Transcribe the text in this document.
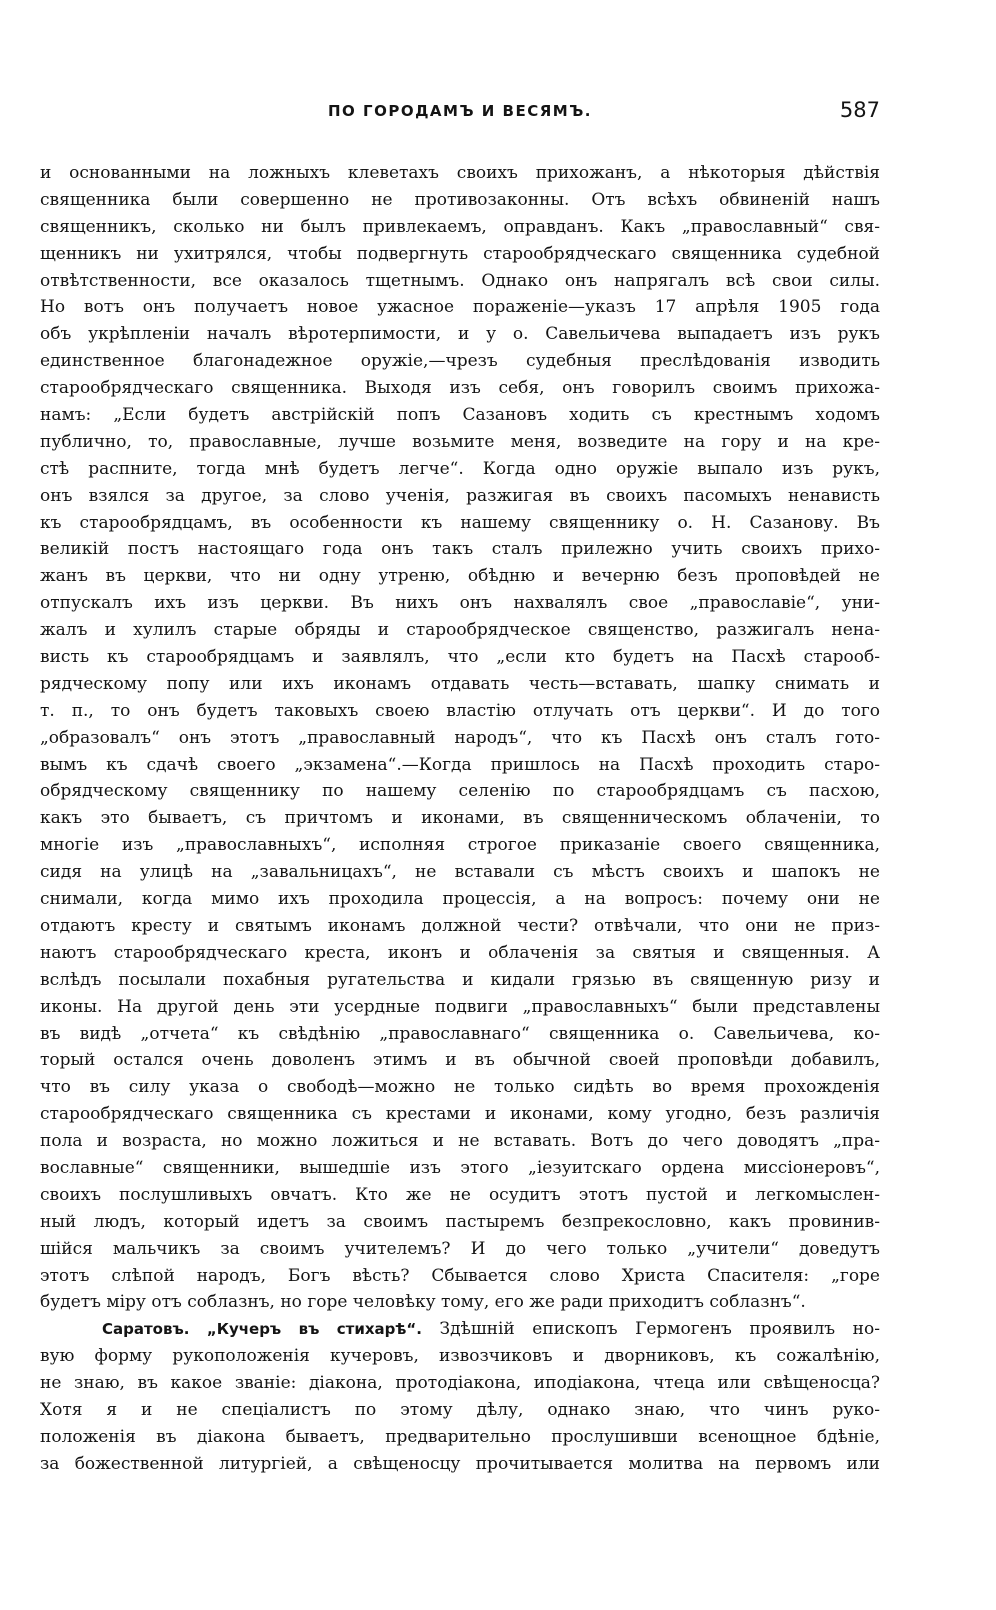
ПО ГОРОДАМЪ И ВЕСЯМЪ.	587
и основанными на ложныхъ клеветахъ своихъ прихожанъ, а нѣкоторыя дѣйствія
священника были совершенно не противозаконны. Отъ всѣхъ обвиненій нашъ
священникъ, сколько ни былъ привлекаемъ, оправданъ. Какъ „православный“ свя-
щенникъ ни ухитрялся, чтобы подвергнуть старообрядческаго священника судебной
отвѣтственности, все оказалось тщетнымъ. Однако онъ напрягалъ всѣ свои силы.
Но вотъ онъ получаетъ новое ужасное пораженіе—указъ 17 апрѣля 1905 года
объ укрѣпленіи началъ вѣротерпимости, и у о. Савельичева выпадаетъ изъ рукъ
единственное благонадежное оружіе,—чрезъ судебныя преслѣдованія изводить
старообрядческаго священника. Выходя изъ себя, онъ говорилъ своимъ прихожа-
намъ: „Если будетъ австрійскій попъ Сазановъ ходить съ крестнымъ ходомъ
публично, то, православные, лучше возьмите меня, возведите на гору и на кре-
стѣ распните, тогда мнѣ будетъ легче“. Когда одно оружіе выпало изъ рукъ,
онъ взялся за другое, за слово ученія, разжигая въ своихъ пасомыхъ ненависть
къ старообрядцамъ, въ особенности къ нашему священнику о. Н. Сазанову. Въ
великій постъ настоящаго года онъ такъ сталъ прилежно учить своихъ прихо-
жанъ въ церкви, что ни одну утреню, обѣдню и вечерню безъ проповѣдей не
отпускалъ ихъ изъ церкви. Въ нихъ онъ нахвалялъ свое „православіе“, уни-
жалъ и хулилъ старые обряды и старообрядческое священство, разжигалъ нена-
висть къ старообрядцамъ и заявлялъ, что „если кто будетъ на Пасхѣ старооб-
рядческому попу или ихъ иконамъ отдавать честь—вставать, шапку снимать и
т. п., то онъ будетъ таковыхъ своею властію отлучать отъ церкви“. И до того
„образовалъ“ онъ этотъ „православный народъ“, что къ Пасхѣ онъ сталъ гото-
вымъ къ сдачѣ своего „экзамена“.—Когда пришлось на Пасхѣ проходить старо-
обрядческому священнику по нашему селенію по старообрядцамъ съ пасхою,
какъ это бываетъ, съ причтомъ и иконами, въ священническомъ облаченіи, то
многіе изъ „православныхъ“, исполняя строгое приказаніе своего священника,
сидя на улицѣ на „завальницахъ“, не вставали съ мѣстъ своихъ и шапокъ не
снимали, когда мимо ихъ проходила процессія, а на вопросъ: почему они не
отдаютъ кресту и святымъ иконамъ должной чести? отвѣчали, что они не приз-
наютъ старообрядческаго креста, иконъ и облаченія за святыя и священныя. А
вслѣдъ посылали похабныя ругательства и кидали грязью въ священную ризу и
иконы. На другой день эти усердные подвиги „православныхъ“ были представлены
въ видѣ „отчета“ къ свѣдѣнію „православнаго“ священника о. Савельичева, ко-
торый остался очень доволенъ этимъ и въ обычной своей проповѣди добавилъ,
что въ силу указа о свободѣ—можно не только сидѣть во время прохожденія
старообрядческаго священника съ крестами и иконами, кому угодно, безъ различія
пола и возраста, но можно ложиться и не вставать. Вотъ до чего доводятъ „пра-
вославные“ священники, вышедшіе изъ этого „іезуитскаго ордена миссіонеровъ“,
своихъ послушливыхъ овчатъ. Кто же не осудитъ этотъ пустой и легкомыслен-
ный людъ, который идетъ за своимъ пастыремъ безпрекословно, какъ провинив-
шійся мальчикъ за своимъ учителемъ? И до чего только „учители“ доведутъ
этотъ слѣпой народъ, Богъ вѣсть? Сбывается слово Христа Спасителя: „горе
будетъ міру отъ соблазнъ, но горе человѣку тому, его же ради приходитъ соблазнъ“.
Саратовъ. „Кучеръ въ стихарѣ“. Здѣшній епископъ Гермогенъ проявилъ но-
вую форму рукоположенія кучеровъ, извозчиковъ и дворниковъ, къ сожалѣнію,
не знаю, въ какое званіе: діакона, протодіакона, иподіакона, чтеца или свѣщеносца?
Хотя я и не спеціалистъ по этому дѣлу, однако знаю, что чинъ руко-
положенія въ діакона бываетъ, предварительно прослушивши всенощное бдѣніе,
за божественной литургіей, а свѣщеносцу прочитывается молитва на первомъ или
